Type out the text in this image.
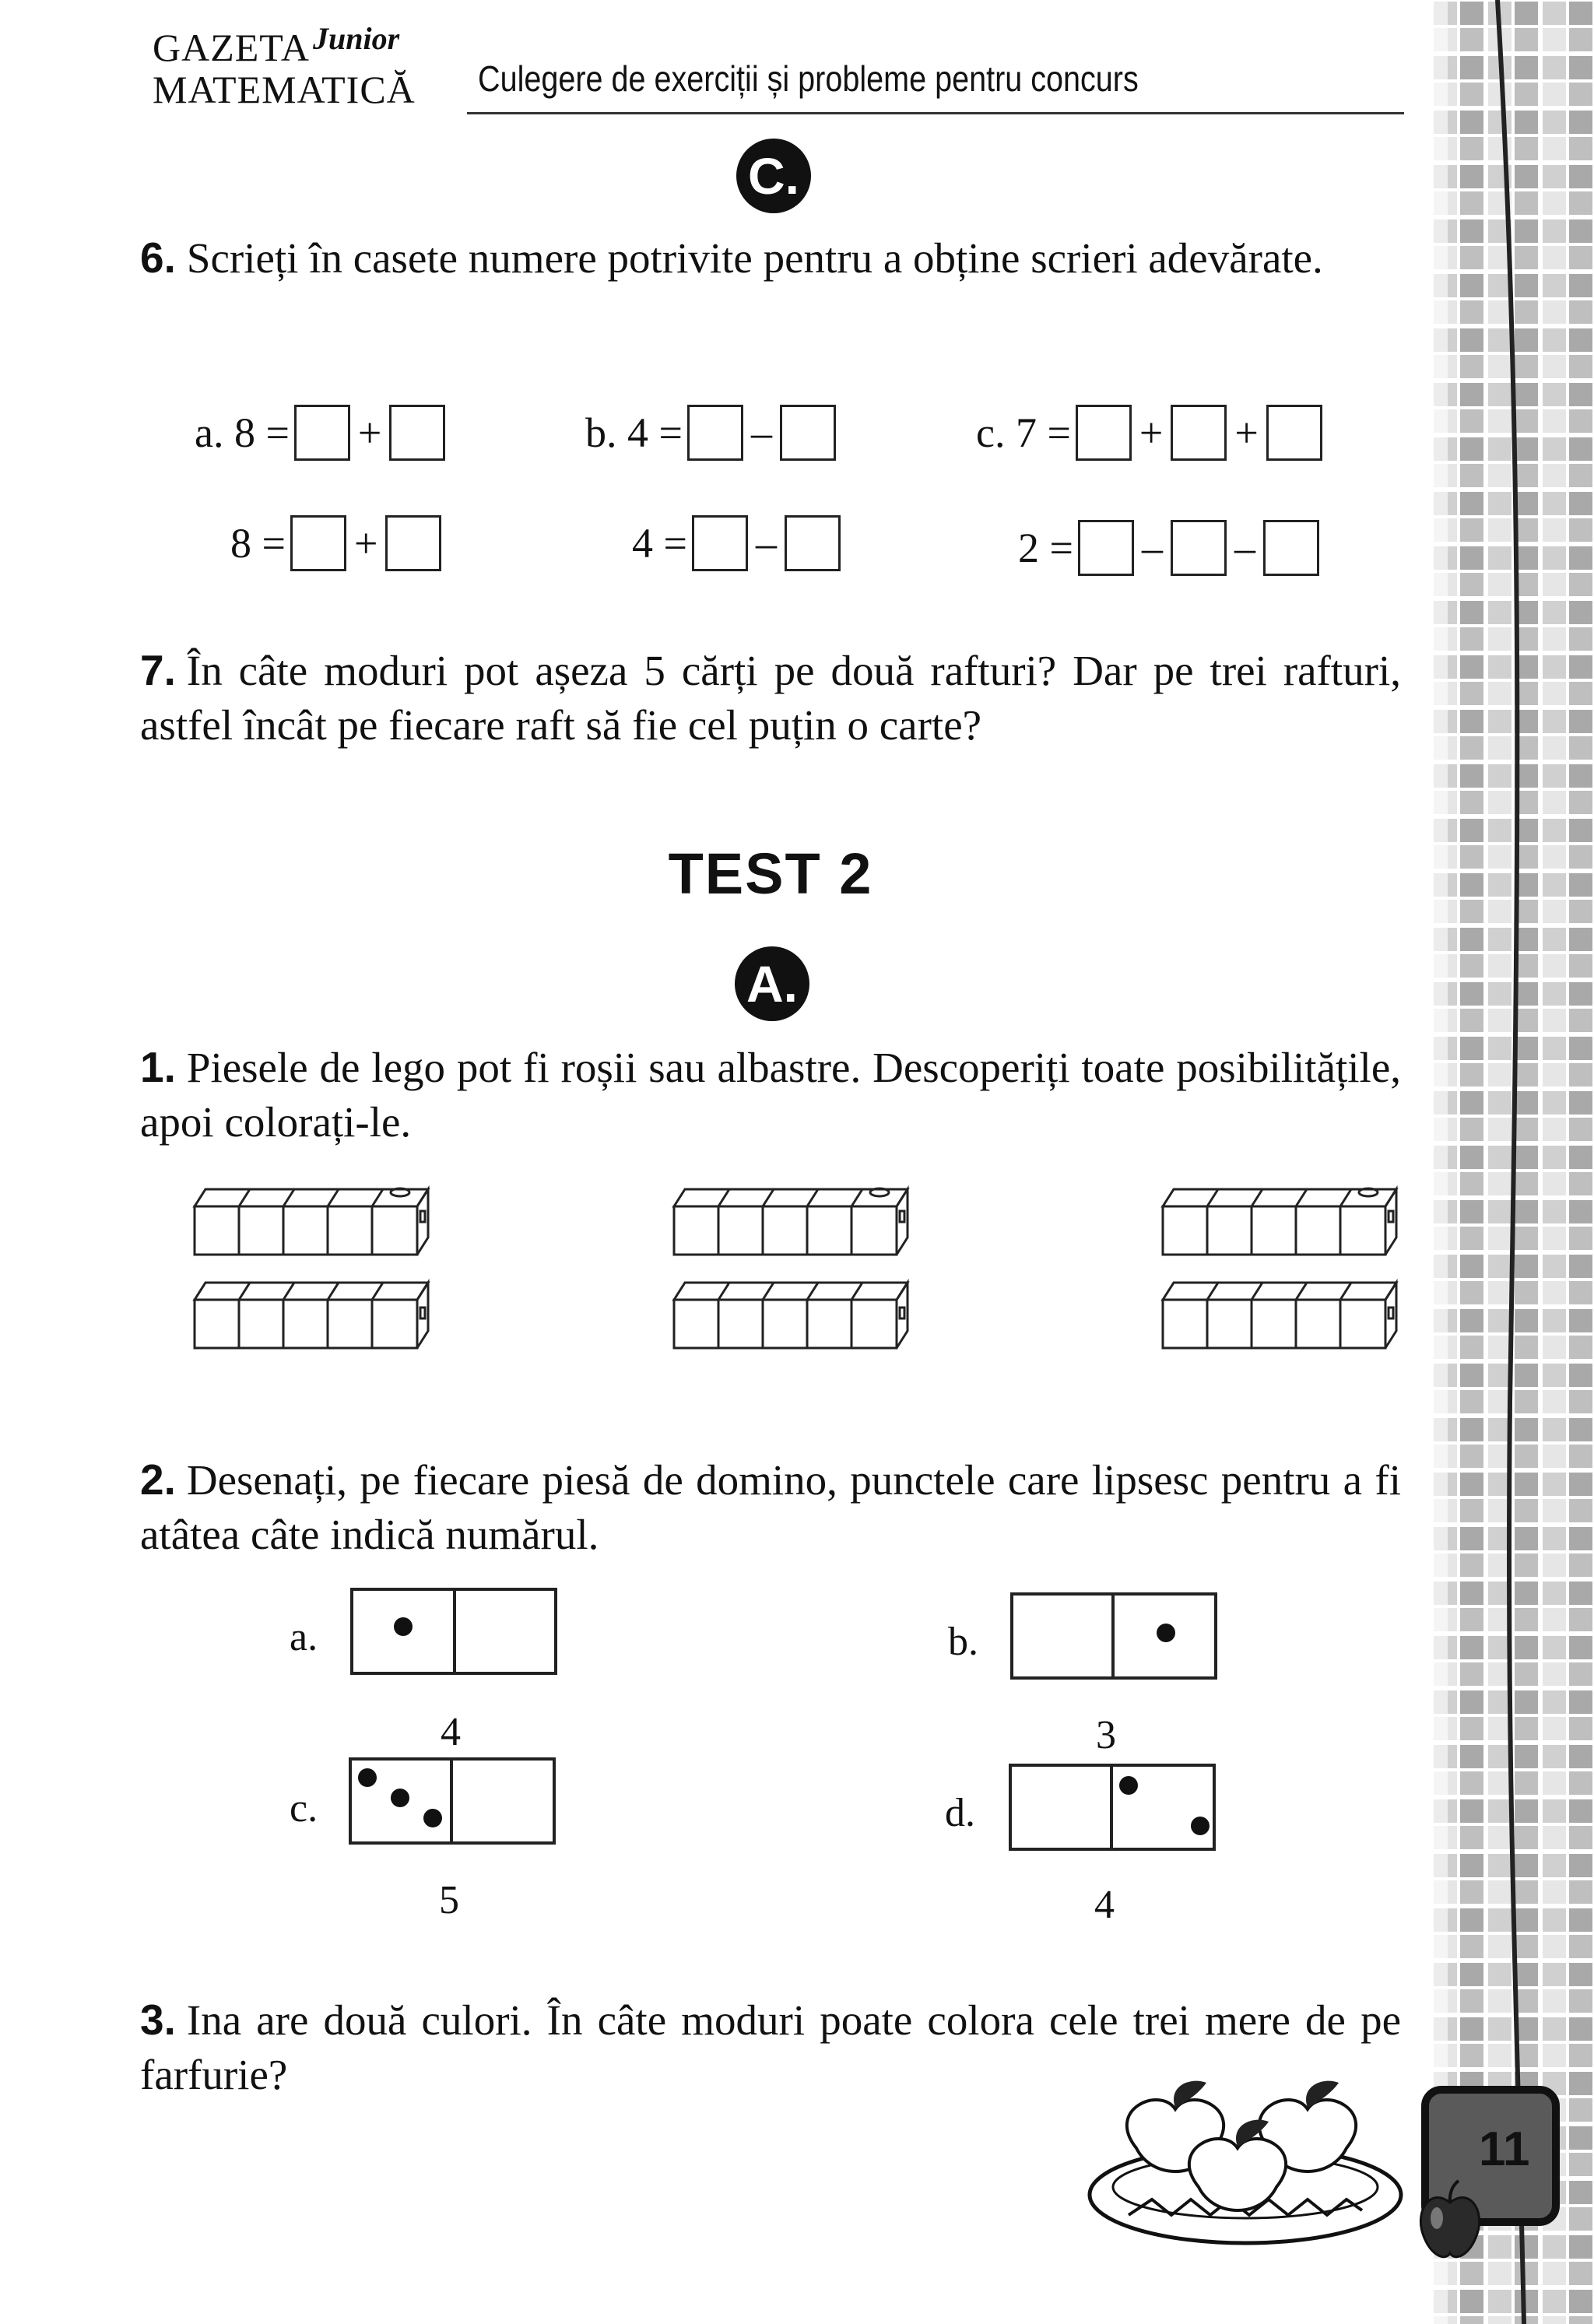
GAZETA Junior
MATEMATICĂ Culegere de exerciții și probleme pentru concurs
C.
6. Scrieți în casete numere potrivite pentru a obține scrieri adevărate.
a. 8 = +	b. 4 = –	c. 7 = + +
8 = +	4 = –	2 = – –
7. În câte moduri pot așeza 5 cărți pe două rafturi? Dar pe trei rafturi, astfel încât pe fiecare raft să fie cel puțin o carte?
TEST 2
A.
1. Piesele de lego pot fi roșii sau albastre. Descoperiți toate posibilitățile, apoi colorați-le.
2. Desenați, pe fiecare piesă de domino, punctele care lipsesc pentru a fi atâtea câte indică numărul.
a.
4
b.
3
c.
5
d.
4
3. Ina are două culori. În câte moduri poate colora cele trei mere de pe farfurie?
11
